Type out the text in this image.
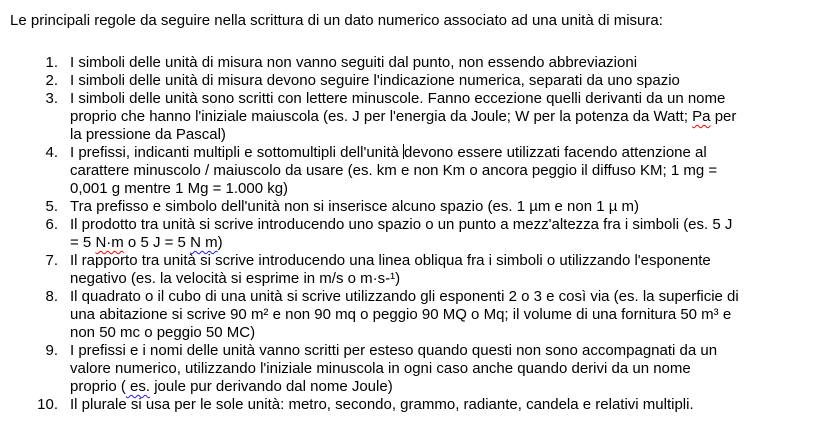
Le principali regole da seguire nella scrittura di un dato numerico associato ad una unità di misura:

1. I simboli delle unità di misura non vanno seguiti dal punto, non essendo abbreviazioni
2. I simboli delle unità di misura devono seguire l'indicazione numerica, separati da uno spazio
3. I simboli delle unità sono scritti con lettere minuscole. Fanno eccezione quelli derivanti da un nome
proprio che hanno l'iniziale maiuscola (es. J per l'energia da Joule; W per la potenza da Watt; Pa per
la pressione da Pascal)
4. I prefissi, indicanti multipli e sottomultipli dell'unità devono essere utilizzati facendo attenzione al
carattere minuscolo / maiuscolo da usare (es. km e non Km o ancora peggio il diffuso KM; 1 mg =
0,001 g mentre 1 Mg = 1.000 kg)
5. Tra prefisso e simbolo dell'unità non si inserisce alcuno spazio (es. 1 µm e non 1 µ m)
6. Il prodotto tra unità si scrive introducendo uno spazio o un punto a mezz'altezza fra i simboli (es. 5 J
= 5 N·m o 5 J = 5 N m)
7. Il rapporto tra unità si scrive introducendo una linea obliqua fra i simboli o utilizzando l'esponente
negativo (es. la velocità si esprime in m/s o m·s-¹)
8. Il quadrato o il cubo di una unità si scrive utilizzando gli esponenti 2 o 3 e così via (es. la superficie di
una abitazione si scrive 90 m² e non 90 mq o peggio 90 MQ o Mq; il volume di una fornitura 50 m³ e
non 50 mc o peggio 50 MC)
9. I prefissi e i nomi delle unità vanno scritti per esteso quando questi non sono accompagnati da un
valore numerico, utilizzando l'iniziale minuscola in ogni caso anche quando derivi da un nome
proprio ( es. joule pur derivando dal nome Joule)
10. Il plurale si usa per le sole unità: metro, secondo, grammo, radiante, candela e relativi multipli.
